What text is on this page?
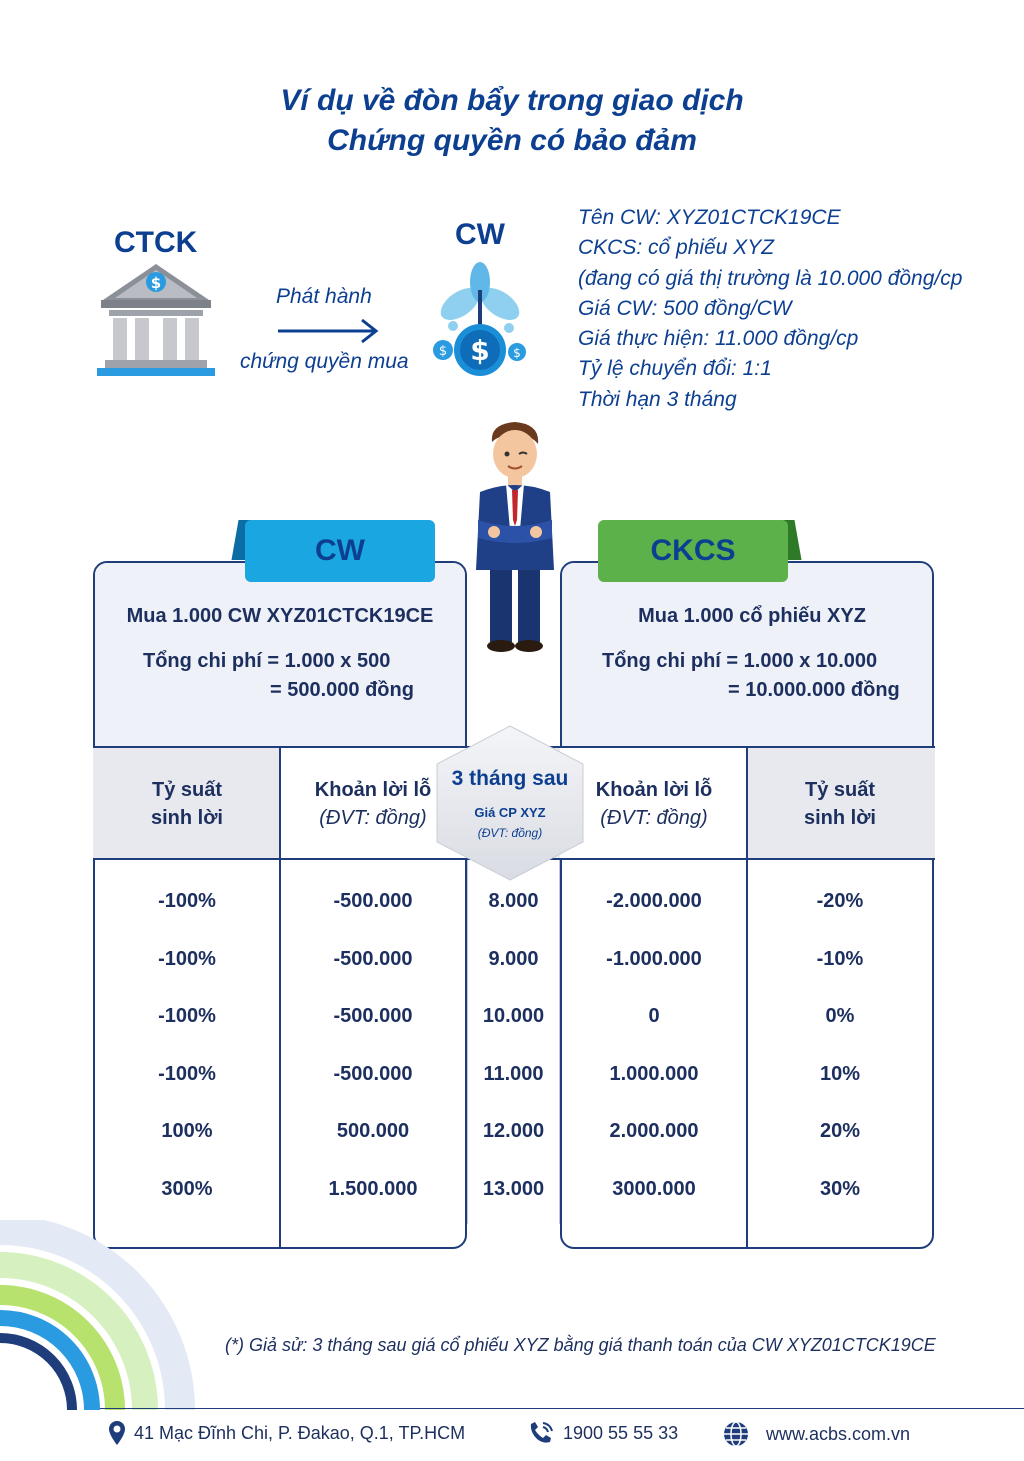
Ví dụ về đòn bẩy trong giao dịch
Chứng quyền có bảo đảm
CTCK
$
CW
$
$	$
Phát hành
chứng quyền mua
Tên CW: XYZ01CTCK19CE
CKCS: cổ phiếu XYZ
(đang có giá thị trường là 10.000 đồng/cp
Giá CW: 500 đồng/CW
Giá thực hiện: 11.000 đồng/cp
Tỷ lệ chuyển đổi: 1:1
Thời hạn 3 tháng
CW	CKCS
Mua 1.000 CW XYZ01CTCK19CE
Tổng chi phí = 1.000 x 500
= 500.000 đồng
Mua 1.000 cổ phiếu XYZ
Tổng chi phí = 1.000 x 10.000
= 10.000.000 đồng
Tỷ suất
sinh lời
Khoản lời lỗ
(ĐVT: đồng)
Khoản lời lỗ
(ĐVT: đồng)
Tỷ suất
sinh lời
3 tháng sau
Giá CP XYZ
(ĐVT: đồng)
-100%	-500.000	8.000	-2.000.000	-20%
-100%	-500.000	9.000	-1.000.000	-10%
-100%	-500.000	10.000	0	0%
-100%	-500.000	11.000	1.000.000	10%
100%	500.000	12.000	2.000.000	20%
300%	1.500.000	13.000	3000.000	30%
(*) Giả sử: 3 tháng sau giá cổ phiếu XYZ bằng giá thanh toán của CW XYZ01CTCK19CE
41 Mạc Đĩnh Chi, P. Đakao, Q.1, TP.HCM	1900 55 55 33	www.acbs.com.vn
